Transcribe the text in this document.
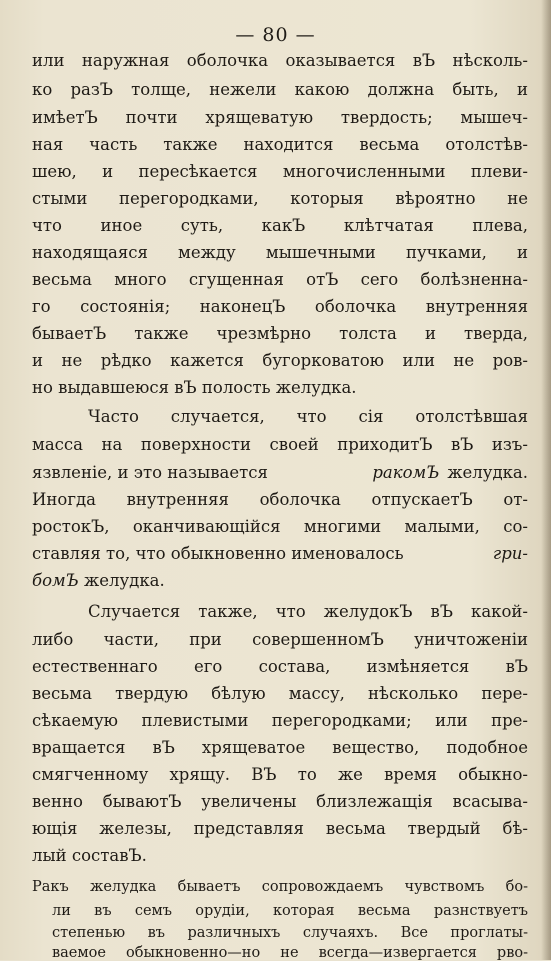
— 80 —
или наружная оболочка оказывается вЪ нѣсколь-
ко разЪ толще, нежели какою должна быть, и
имѣетЪ почти хрящеватую твердость; мышеч-
ная часть также находится весьма отолстѣв-
шею, и пересѣкается многочисленными плеви-
стыми перегородками, которыя вѣроятно не
что иное суть, какЪ клѣтчатая плева,
находящаяся между мышечными пучками, и
весьма много сгущенная отЪ сего болѣзненна-
го состоянія; наконецЪ оболочка внутренняя
бываетЪ также чрезмѣрно толста и тверда,
и не рѣдко кажется бугорковатою или не ров-
но выдавшеюся вЪ полость желудка.
Часто случается, что сія отолстѣвшая
масса на поверхности своей приходитЪ вЪ изъ-
язвленіе, и это называется	ракомЪ желудка.
Иногда внутренняя оболочка отпускаетЪ от-
ростокЪ, оканчивающійся многими малыми, со-
ставляя то, что обыкновенно именовалось	гри-
бомЪ желудка.
Случается также, что желудокЪ вЪ какой-
либо части, при совершенномЪ уничтоженіи
естественнаго его состава, измѣняется вЪ
весьма твердую бѣлую массу, нѣсколько пере-
сѣкаемую плевистыми перегородками; или пре-
вращается вЪ хрящеватое вещество, подобное
смягченному хрящу. ВЪ то же время обыкно-
венно бываютЪ увеличены близлежащія всасыва-
ющія железы, представляя весьма твердый бѣ-
лый составЪ.
Ракъ желудка бываетъ сопровождаемъ чувствомъ бо-
ли въ семъ орудіи, которая весьма разнствуетъ
степенью въ различныхъ случаяхъ. Все проглаты-
ваемое обыкновенно—но не всегда—извергается рво-
